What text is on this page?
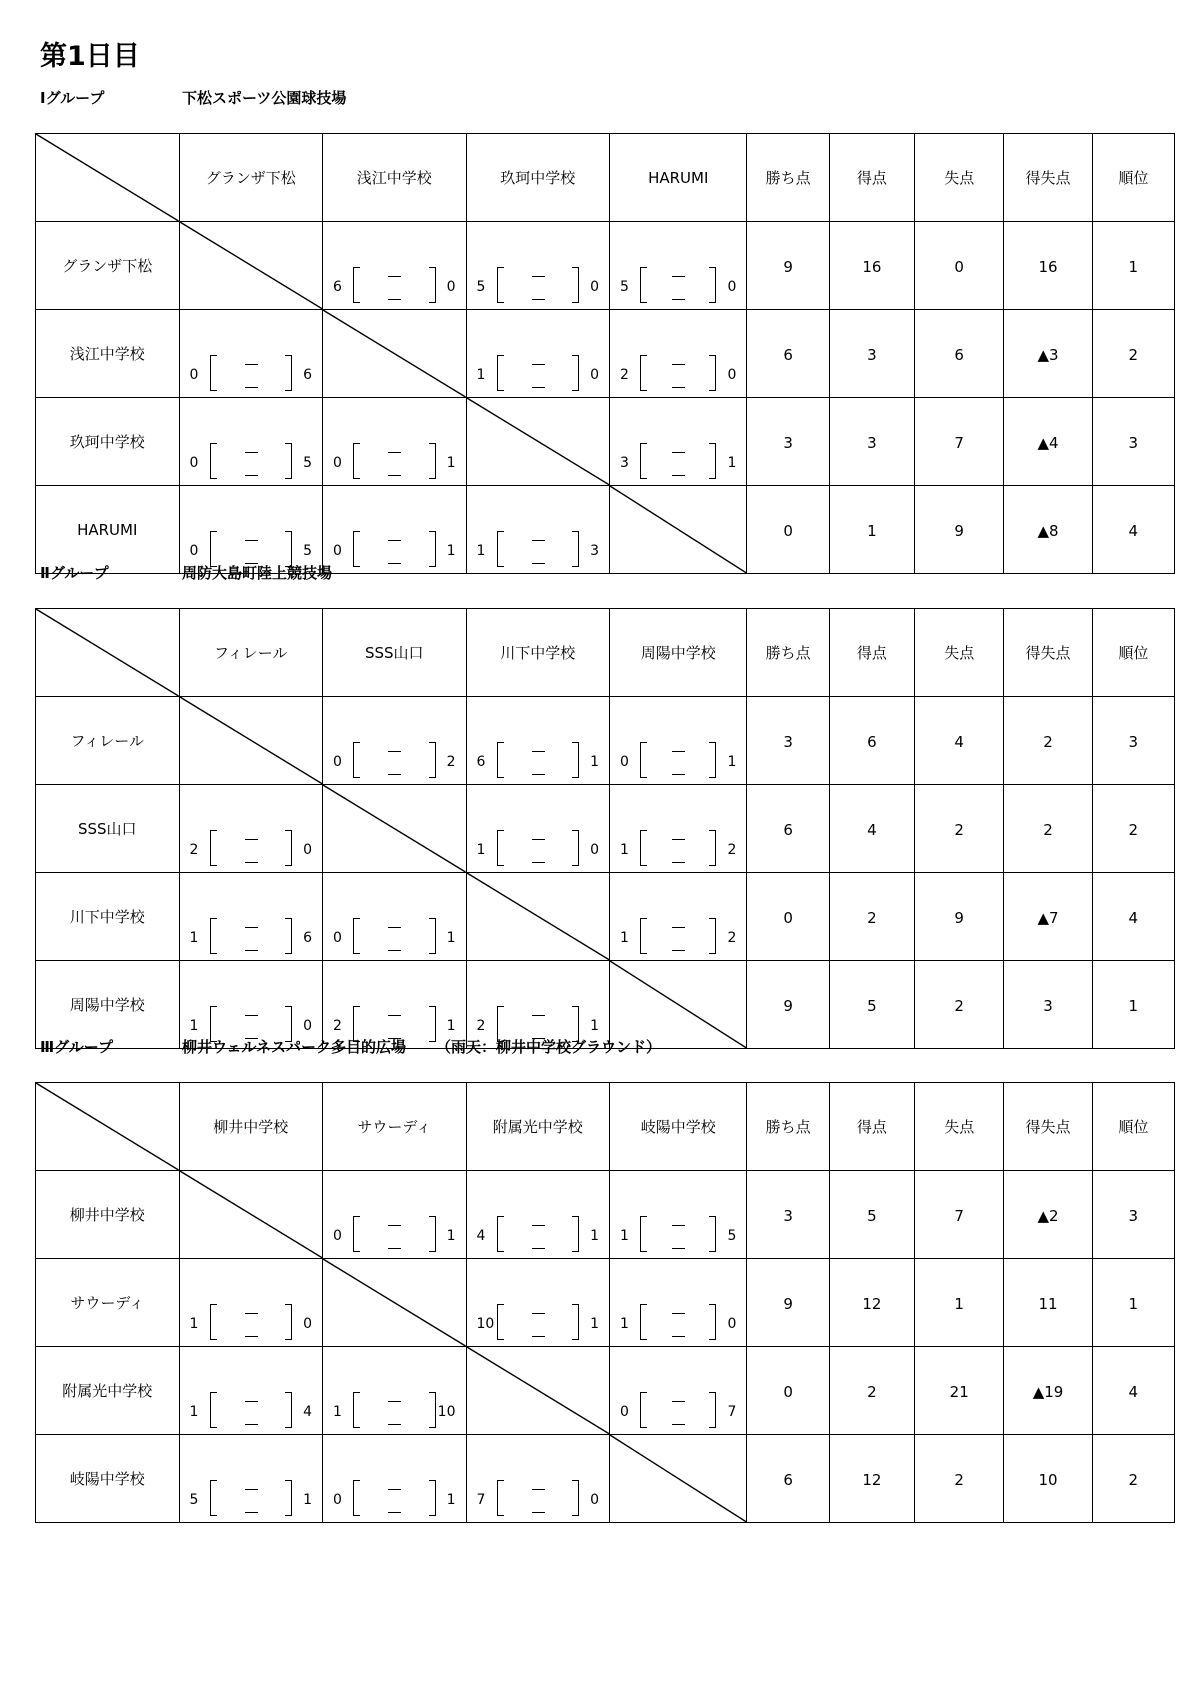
第1日目
Ⅰグループ	下松スポーツ公園球技場
	グランザ下松	浅江中学校	玖珂中学校	HARUMI	勝ち点	得点	失点	得失点	順位
グランザ下松		6 0	5 0	5 0	9	16	0	16	1

浅江中学校	0 6		1 0	2 0	6	3	6	▲3	2

玖珂中学校	0 5	0 1		3 1	3	3	7	▲4	3

HARUMI	0 5	0 1	1 3		0	1	9	▲8	4
Ⅱグループ	周防大島町陸上競技場
	フィレール	SSS山口	川下中学校	周陽中学校	勝ち点	得点	失点	得失点	順位
フィレール		0 2	6 1	0 1	3	6	4	2	3

SSS山口	2 0		1 0	1 2	6	4	2	2	2

川下中学校	1 6	0 1		1 2	0	2	9	▲7	4

周陽中学校	1 0	2 1	2 1		9	5	2	3	1
Ⅲグループ	柳井ウェルネスパーク多目的広場 （雨天：柳井中学校グラウンド）
	柳井中学校	サウーディ	附属光中学校	岐陽中学校	勝ち点	得点	失点	得失点	順位
柳井中学校		0 1	4 1	1 5	3	5	7	▲2	3

サウーディ	1 0		10 1	1 0	9	12	1	11	1

附属光中学校	1 4	1 10		0 7	0	2	21	▲19	4

岐陽中学校	5 1	0 1	7 0		6	12	2	10	2
